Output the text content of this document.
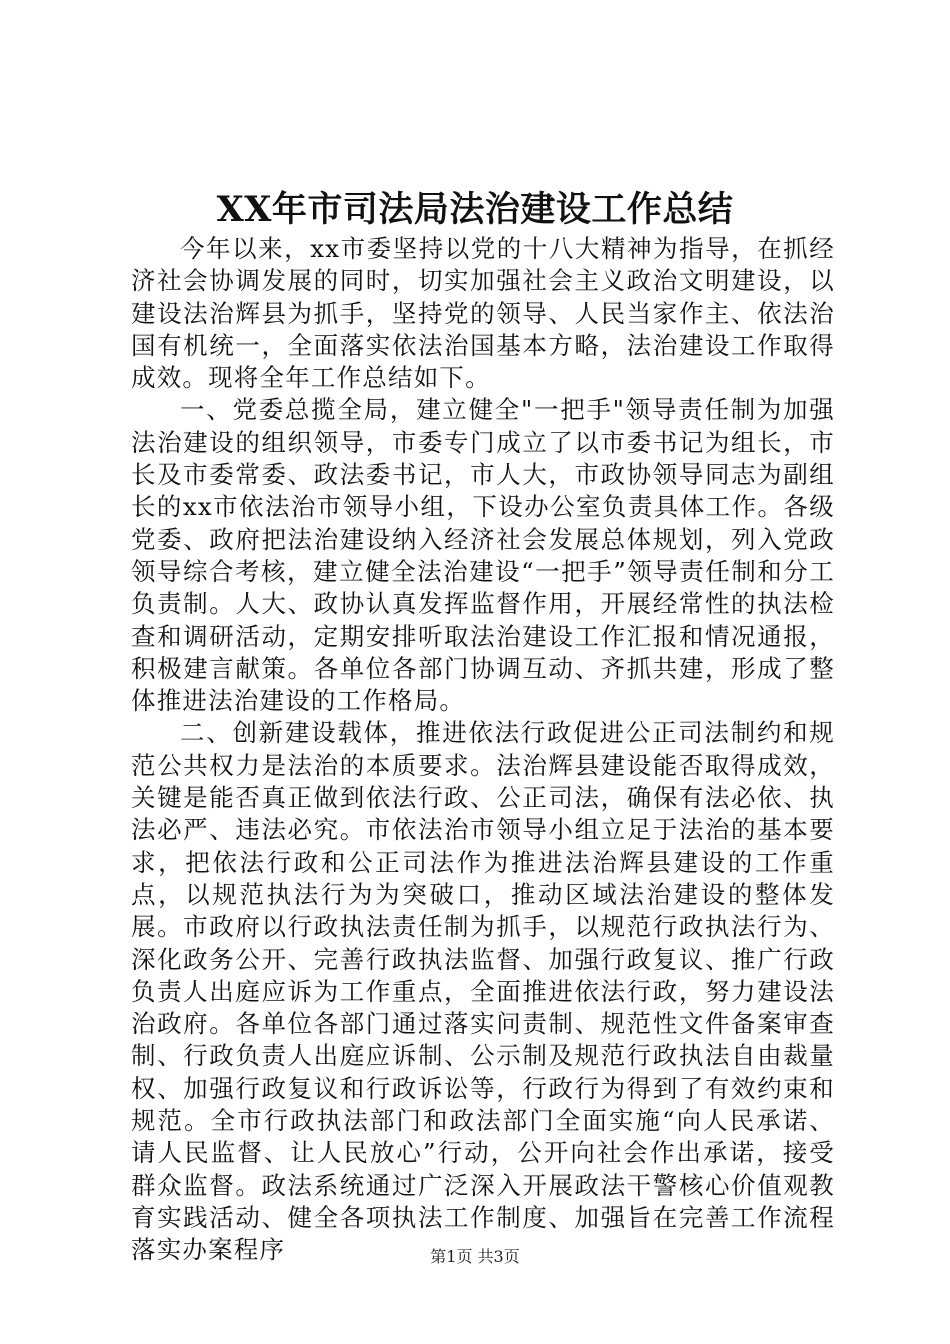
XX年市司法局法治建设工作总结

今年以来，xx市委坚持以党的十八大精神为指导，在抓经济社会协调发展的同时，切实加强社会主义政治文明建设，以建设法治辉县为抓手，坚持党的领导、人民当家作主、依法治国有机统一，全面落实依法治国基本方略，法治建设工作取得成效。现将全年工作总结如下。

一、党委总揽全局，建立健全"一把手"领导责任制为加强法治建设的组织领导，市委专门成立了以市委书记为组长，市长及市委常委、政法委书记，市人大，市政协领导同志为副组长的xx市依法治市领导小组，下设办公室负责具体工作。各级党委、政府把法治建设纳入经济社会发展总体规划，列入党政领导综合考核，建立健全法治建设“一把手”领导责任制和分工负责制。人大、政协认真发挥监督作用，开展经常性的执法检查和调研活动，定期安排听取法治建设工作汇报和情况通报，积极建言献策。各单位各部门协调互动、齐抓共建，形成了整体推进法治建设的工作格局。

二、创新建设载体，推进依法行政促进公正司法制约和规范公共权力是法治的本质要求。法治辉县建设能否取得成效，关键是能否真正做到依法行政、公正司法，确保有法必依、执法必严、违法必究。市依法治市领导小组立足于法治的基本要求，把依法行政和公正司法作为推进法治辉县建设的工作重点，以规范执法行为为突破口，推动区域法治建设的整体发展。市政府以行政执法责任制为抓手，以规范行政执法行为、深化政务公开、完善行政执法监督、加强行政复议、推广行政负责人出庭应诉为工作重点，全面推进依法行政，努力建设法治政府。各单位各部门通过落实问责制、规范性文件备案审查制、行政负责人出庭应诉制、公示制及规范行政执法自由裁量权、加强行政复议和行政诉讼等，行政行为得到了有效约束和规范。全市行政执法部门和政法部门全面实施“向人民承诺、请人民监督、让人民放心”行动，公开向社会作出承诺，接受群众监督。政法系统通过广泛深入开展政法干警核心价值观教育实践活动、健全各项执法工作制度、加强旨在完善工作流程落实办案程序	第1页 共3页
